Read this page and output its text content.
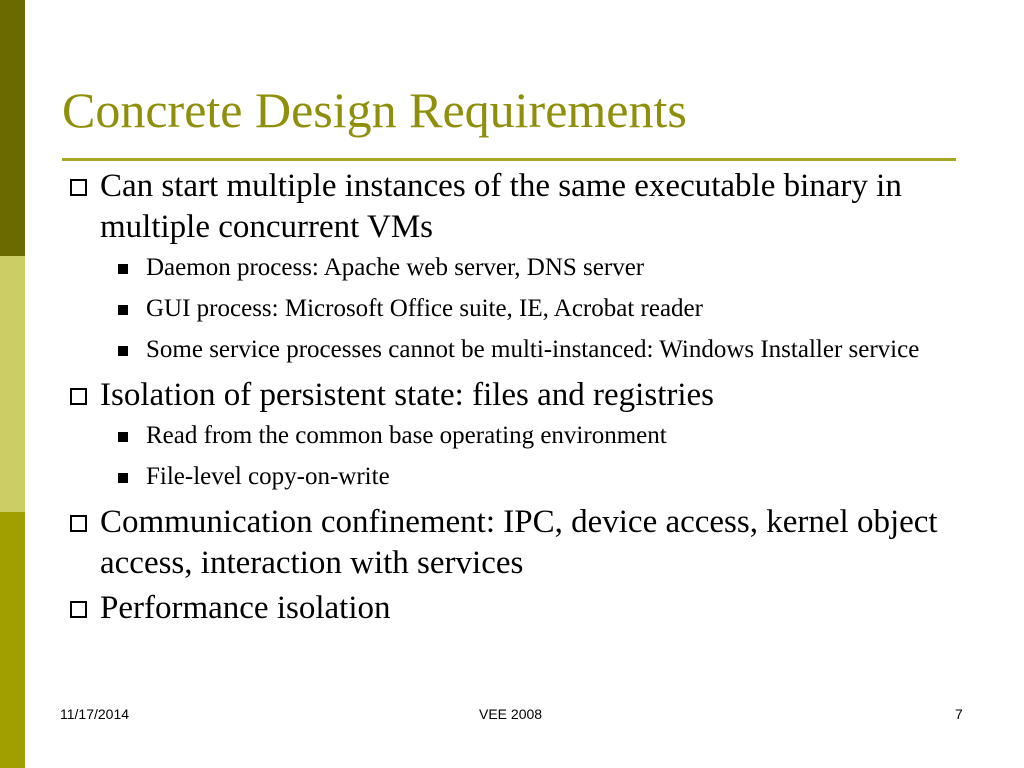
Concrete Design Requirements
Can start multiple instances of the same executable binary in multiple concurrent VMs
Daemon process: Apache web server, DNS server
GUI process: Microsoft Office suite, IE, Acrobat reader
Some service processes cannot be multi-instanced: Windows Installer service
Isolation of persistent state: files and registries
Read from the common base operating environment
File-level copy-on-write
Communication confinement: IPC, device access, kernel object access, interaction with services
Performance isolation
11/17/2014	VEE 2008	7
